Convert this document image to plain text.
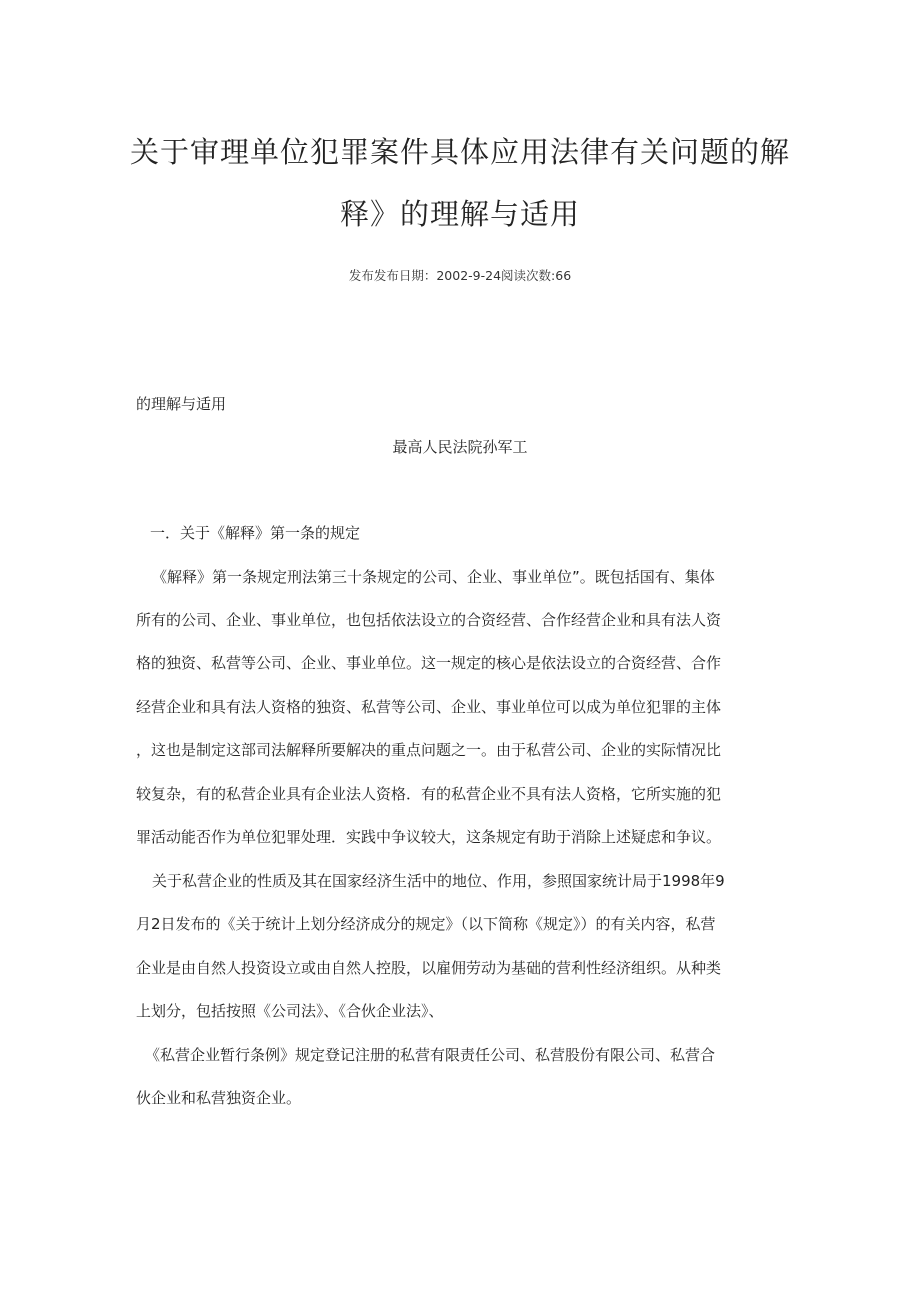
关于审理单位犯罪案件具体应用法律有关问题的解
释》的理解与适用
发布发布日期：2002-9-24阅读次数:66
的理解与适用
最高人民法院孙军工
一．关于《解释》第一条的规定
《解释》第一条规定刑法第三十条规定的公司、企业、事业单位”。既包括国有、集体
所有的公司、企业、事业单位，也包括依法设立的合资经营、合作经营企业和具有法人资
格的独资、私营等公司、企业、事业单位。这一规定的核心是依法设立的合资经营、合作
经营企业和具有法人资格的独资、私营等公司、企业、事业单位可以成为单位犯罪的主体
，这也是制定这部司法解释所要解决的重点问题之一。由于私营公司、企业的实际情况比
较复杂，有的私营企业具有企业法人资格．有的私营企业不具有法人资格，它所实施的犯
罪活动能否作为单位犯罪处理．实践中争议较大，这条规定有助于消除上述疑虑和争议。
关于私营企业的性质及其在国家经济生活中的地位、作用，参照国家统计局于1998年9
月2日发布的《关于统计上划分经济成分的规定》（以下简称《规定》）的有关内容，私营
企业是由自然人投资设立或由自然人控股，以雇佣劳动为基础的营利性经济组织。从种类
上划分，包括按照《公司法》、《合伙企业法》、
《私营企业暂行条例》规定登记注册的私营有限责任公司、私营股份有限公司、私营合
伙企业和私营独资企业。
